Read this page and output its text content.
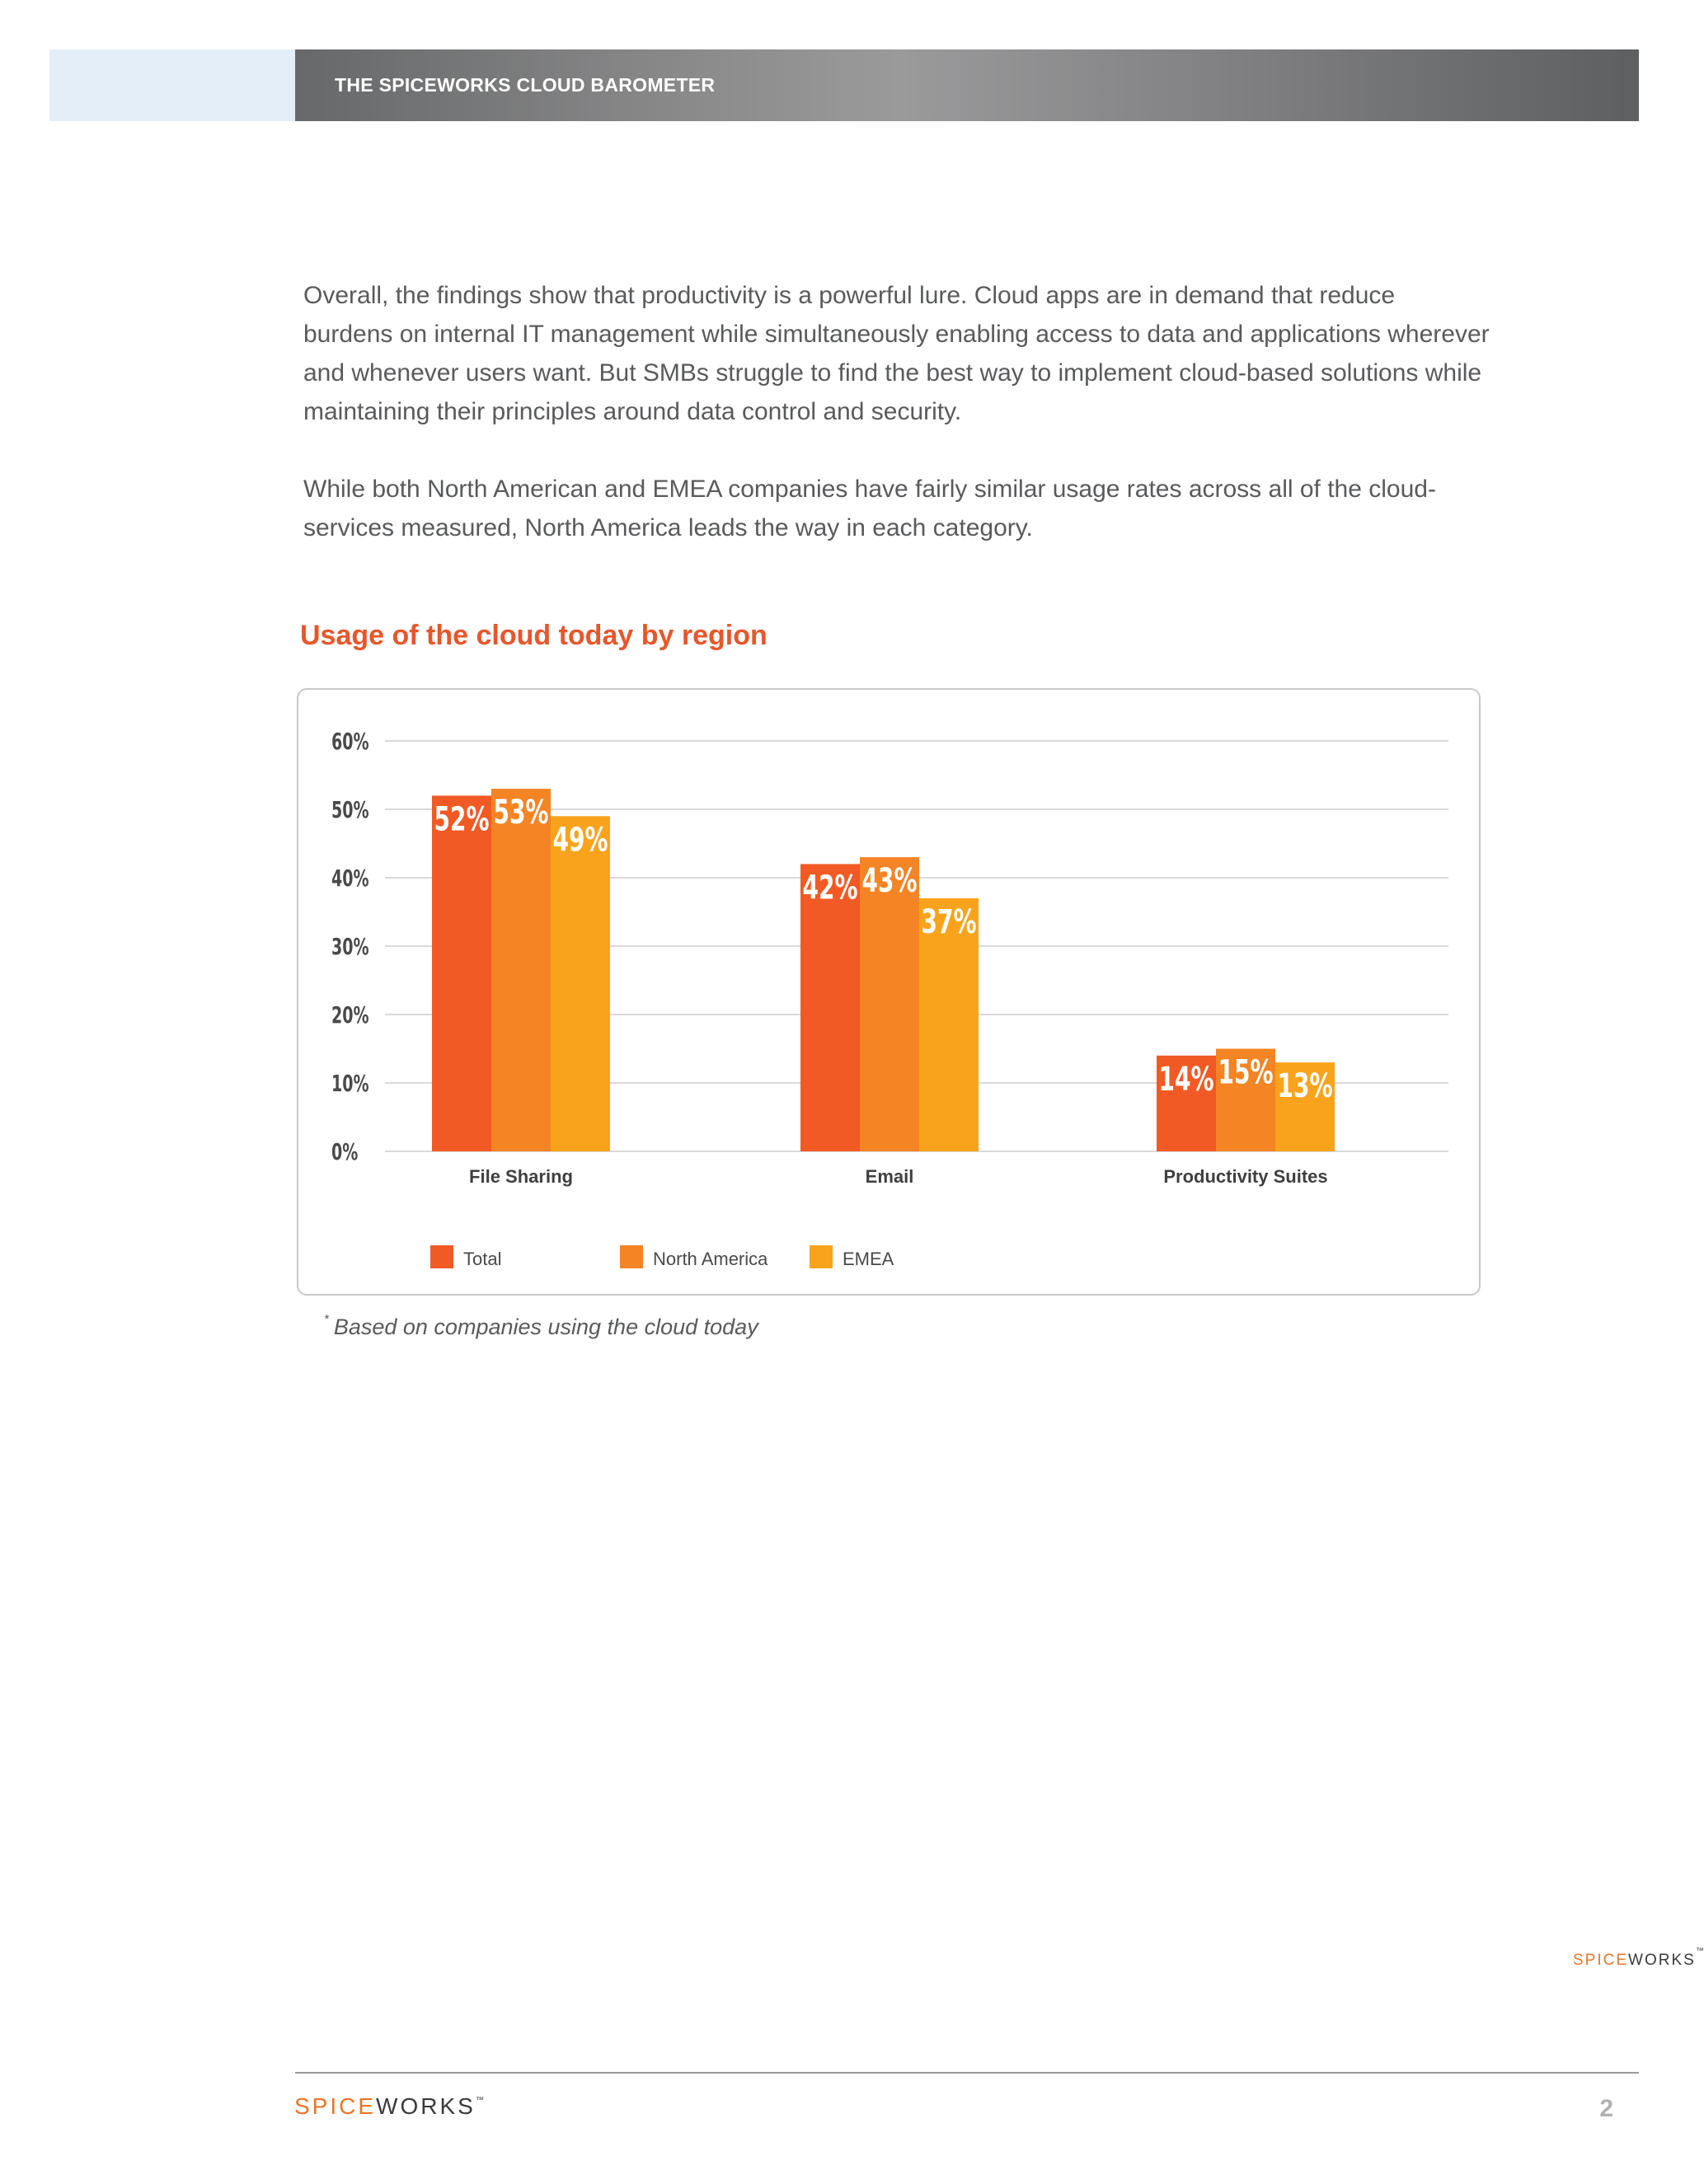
THE SPICEWORKS CLOUD BAROMETER

Overall, the findings show that productivity is a powerful lure. Cloud apps are in demand that reduce burdens on internal IT management while simultaneously enabling access to data and applications wherever and whenever users want. But SMBs struggle to find the best way to implement cloud-based solutions while maintaining their principles around data control and security.

While both North American and EMEA companies have fairly similar usage rates across all of the cloud-services measured, North America leads the way in each category.

Usage of the cloud today by region
0%
10%
20%
30%
40%
50%
60%
52% 53%
49%
File Sharing
42% 43%
37%
Email
14% 15% 13%
Productivity Suites
Total	North America	EMEA
SPICEWORKS™
* Based on companies using the cloud today
SPICEWORKS™	2
